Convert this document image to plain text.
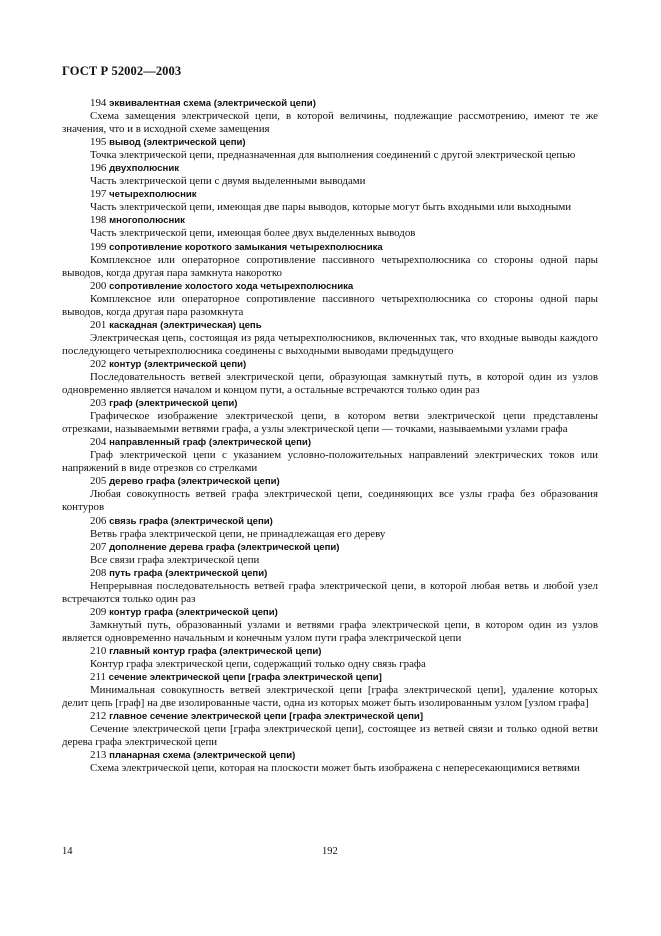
ГОСТ Р 52002—2003

194 эквивалентная схема (электрической цепи)

Схема замещения электрической цепи, в которой величины, подлежащие рассмотрению, имеют те же значения, что и в исходной схеме замещения

195 вывод (электрической цепи)

Точка электрической цепи, предназначенная для выполнения соединений с другой электрической цепью

196 двухполюсник

Часть электрической цепи с двумя выделенными выводами

197 четырехполюсник

Часть электрической цепи, имеющая две пары выводов, которые могут быть входными или выходными

198 многополюсник

Часть электрической цепи, имеющая более двух выделенных выводов

199 сопротивление короткого замыкания четырехполюсника

Комплексное или операторное сопротивление пассивного четырехполюсника со стороны одной пары выводов, когда другая пара замкнута накоротко

200 сопротивление холостого хода четырехполюсника

Комплексное или операторное сопротивление пассивного четырехполюсника со стороны одной пары выводов, когда другая пара разомкнута

201 каскадная (электрическая) цепь

Электрическая цепь, состоящая из ряда четырехполюсников, включенных так, что входные выводы каждого последующего четырехполюсника соединены с выходными выводами предыдущего

202 контур (электрической цепи)

Последовательность ветвей электрической цепи, образующая замкнутый путь, в которой один из узлов одновременно является началом и концом пути, а остальные встречаются только один раз

203 граф (электрической цепи)

Графическое изображение электрической цепи, в котором ветви электрической цепи представлены отрезками, называемыми ветвями графа, а узлы электрической цепи — точками, называемыми узлами графа

204 направленный граф (электрической цепи)

Граф электрической цепи с указанием условно-положительных направлений электрических токов или напряжений в виде отрезков со стрелками

205 дерево графа (электрической цепи)

Любая совокупность ветвей графа электрической цепи, соединяющих все узлы графа без образования контуров

206 связь графа (электрической цепи)

Ветвь графа электрической цепи, не принадлежащая его дереву

207 дополнение дерева графа (электрической цепи)

Все связи графа электрической цепи

208 путь графа (электрической цепи)

Непрерывная последовательность ветвей графа электрической цепи, в которой любая ветвь и любой узел встречаются только один раз

209 контур графа (электрической цепи)

Замкнутый путь, образованный узлами и ветвями графа электрической цепи, в котором один из узлов является одновременно начальным и конечным узлом пути графа электрической цепи

210 главный контур графа (электрической цепи)

Контур графа электрической цепи, содержащий только одну связь графа

211 сечение электрической цепи [графа электрической цепи]

Минимальная совокупность ветвей электрической цепи [графа электрической цепи], удаление которых делит цепь [граф] на две изолированные части, одна из которых может быть изолированным узлом [узлом графа]

212 главное сечение электрической цепи [графа электрической цепи]

Сечение электрической цепи [графа электрической цепи], состоящее из ветвей связи и только одной ветви дерева графа электрической цепи

213 планарная схема (электрической цепи)

Схема электрической цепи, которая на плоскости может быть изображена с непересекающимися ветвями

14	192
